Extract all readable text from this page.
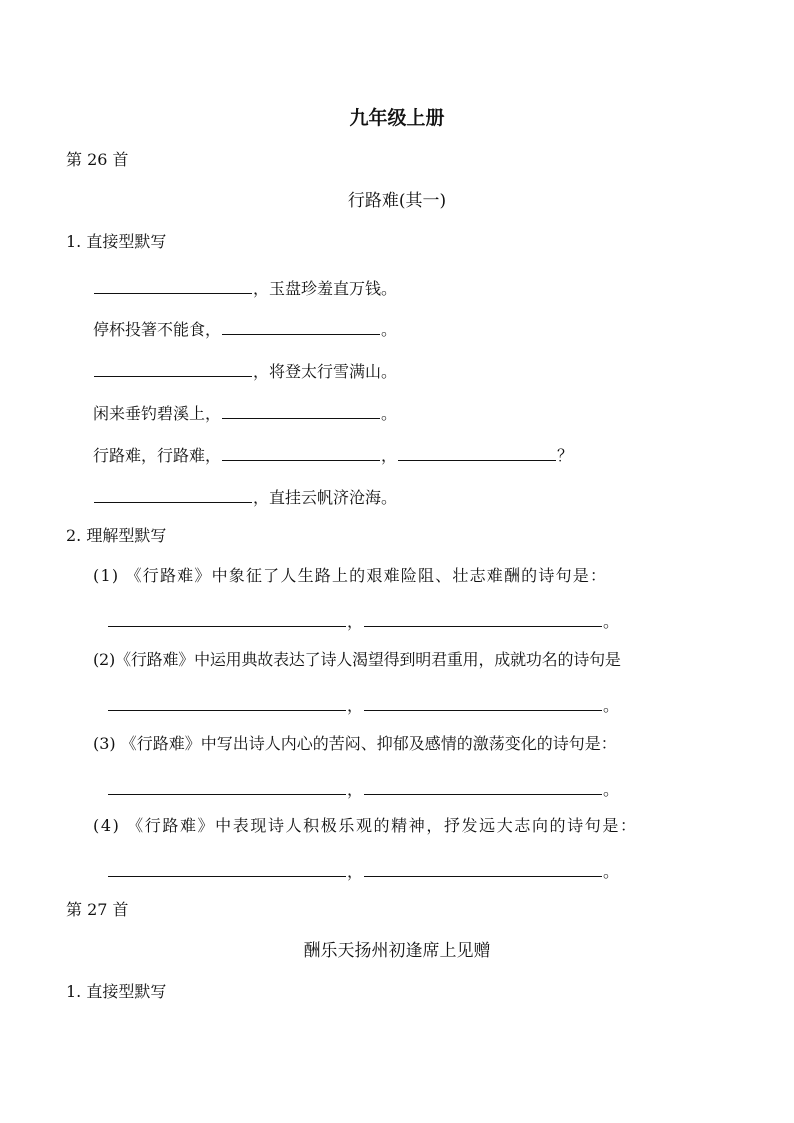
九年级上册
第 26 首
行路难(其一)
1. 直接型默写
，玉盘珍羞直万钱。
停杯投箸不能食，	。
，将登太行雪满山。
闲来垂钓碧溪上，	。
行路难，行路难，	，	？
，直挂云帆济沧海。
2. 理解型默写
(1) 《行路难》中象征了人生路上的艰难险阻、壮志难酬的诗句是：
，	。
(2)《行路难》中运用典故表达了诗人渴望得到明君重用，成就功名的诗句是
，	。
(3) 《行路难》中写出诗人内心的苦闷、抑郁及感情的激荡变化的诗句是：
，	。
(4) 《行路难》中表现诗人积极乐观的精神，抒发远大志向的诗句是：
，	。
第 27 首
酬乐天扬州初逢席上见赠
1. 直接型默写
